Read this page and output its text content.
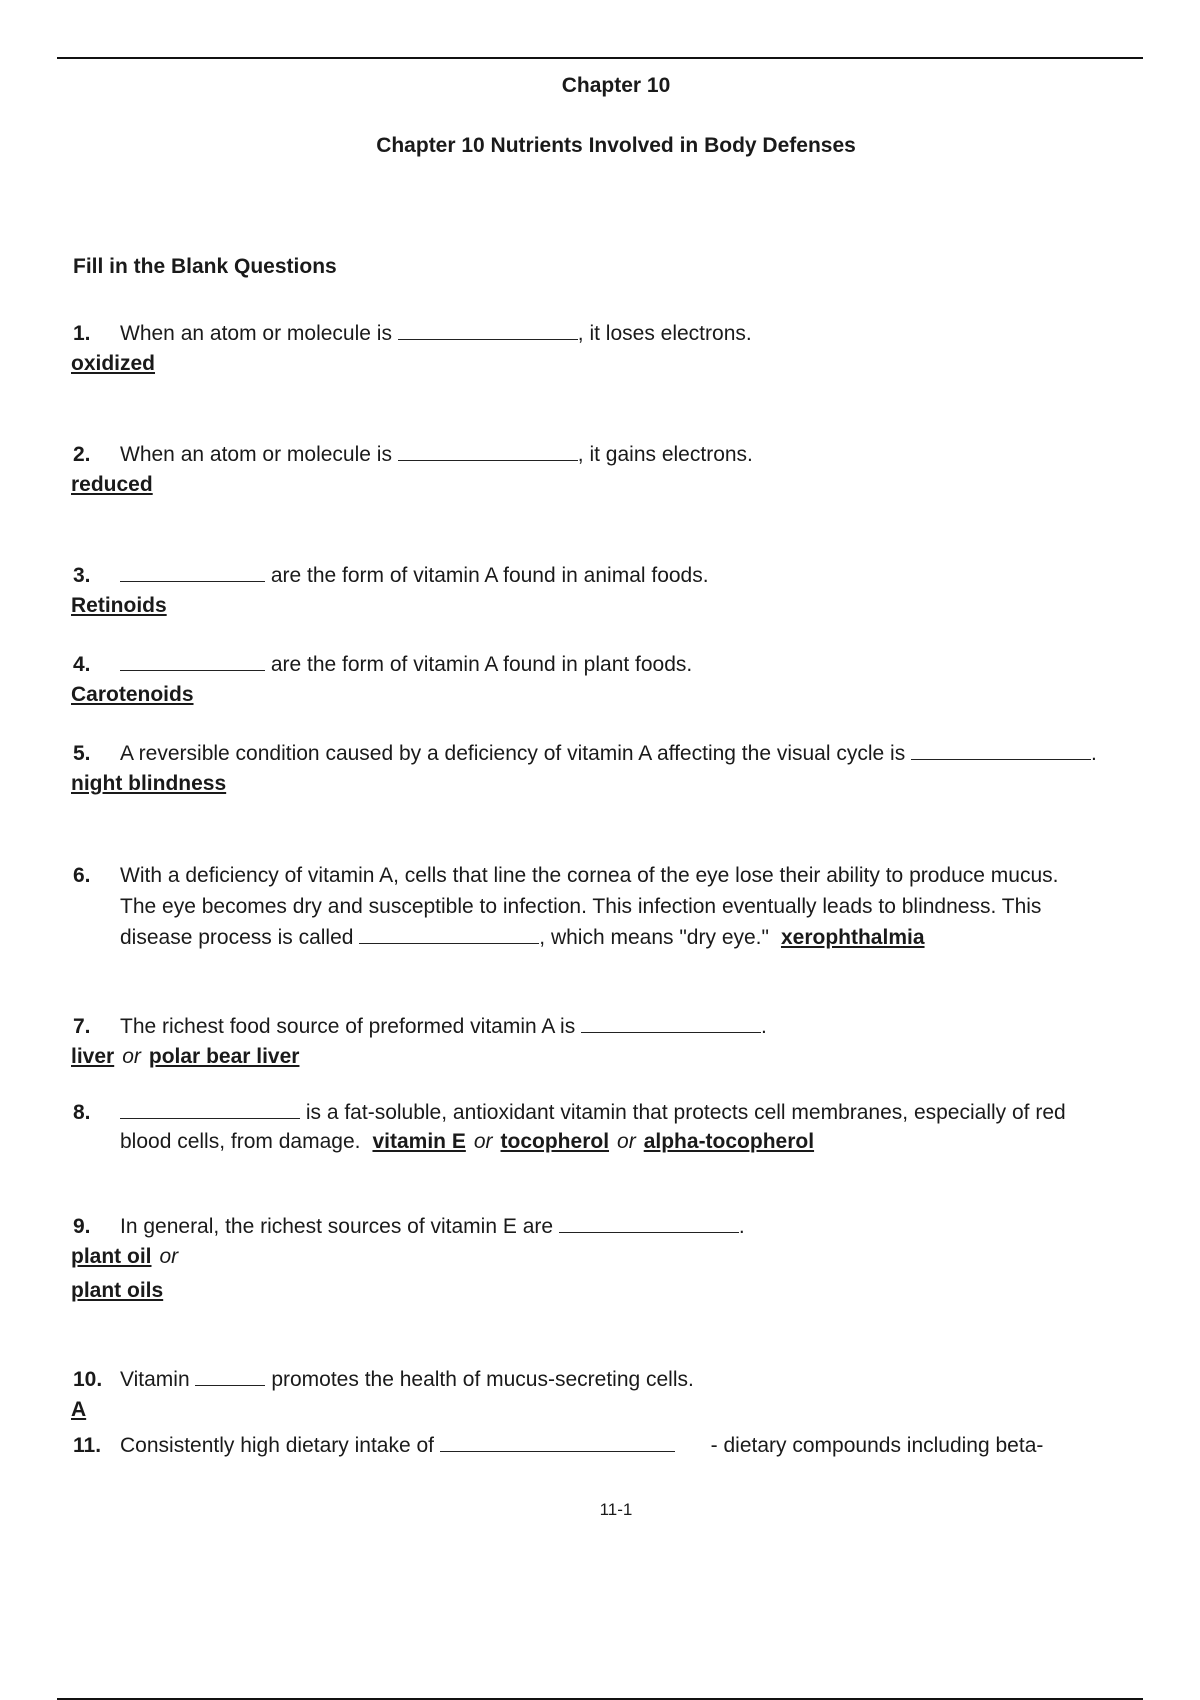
Chapter 10
Chapter 10 Nutrients Involved in Body Defenses
Fill in the Blank Questions
1. When an atom or molecule is	, it loses electrons.
oxidized
2. When an atom or molecule is	, it gains electrons.
reduced
3.	are the form of vitamin A found in animal foods.
Retinoids
4.	are the form of vitamin A found in plant foods.
Carotenoids
5. A reversible condition caused by a deficiency of vitamin A affecting the visual cycle is	.
night blindness
6. With a deficiency of vitamin A, cells that line the cornea of the eye lose their ability to produce mucus.
The eye becomes dry and susceptible to infection. This infection eventually leads to blindness. This
disease process is called	, which means "dry eye." xerophthalmia
7. The richest food source of preformed vitamin A is	.
liver or polar bear liver
8.	is a fat-soluble, antioxidant vitamin that protects cell membranes, especially of red
blood cells, from damage. vitamin E or tocopherol or alpha-tocopherol
9. In general, the richest sources of vitamin E are	.
plant oil or
plant oils
10. Vitamin	promotes the health of mucus-secreting cells.
A
11. Consistently high dietary intake of	- dietary compounds including beta-
11-1
